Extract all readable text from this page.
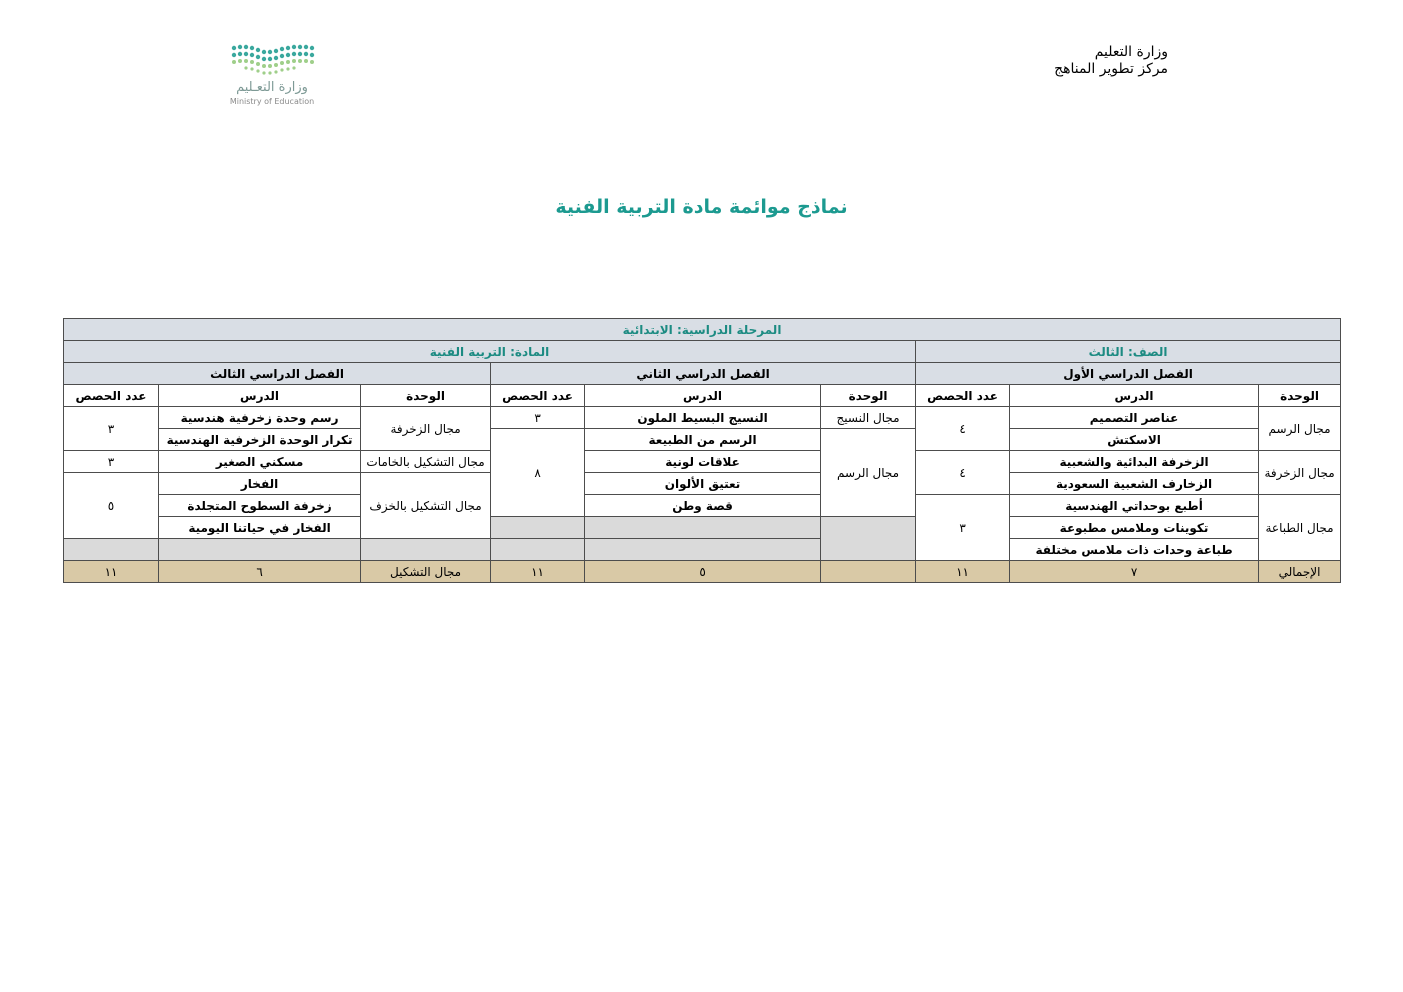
وزارة التعليم
مركز تطوير المناهج
وزارة التعـليم
Ministry of Education
نماذج موائمة مادة التربية الفنية
المرحلة الدراسية: الابتدائية								
الصف: الثالث			المادة: التربية الفنية					
الفصل الدراسي الأول			الفصل الدراسي الثاني			الفصل الدراسي الثالث		
الوحدة	الدرس	عدد الحصص	الوحدة	الدرس	عدد الحصص	الوحدة	الدرس	عدد الحصص
مجال الرسم	عناصر التصميم	٤	مجال النسيج	النسيج البسيط الملون	٣	مجال الزخرفة	رسم وحدة زخرفية هندسية	٣
	الاسكتش		مجال الرسم	الرسم من الطبيعة	٨		تكرار الوحدة الزخرفية الهندسية	
مجال الزخرفة	الزخرفة البدائية والشعبية	٤		علاقات لونية		مجال التشكيل بالخامات	مسكني الصغير	٣
	الزخارف الشعبية السعودية			تعتيق الألوان		مجال التشكيل بالخزف	الفخار	٥
مجال الطباعة	أطبع بوحداتي الهندسية	٣		قصة وطن			زخرفة السطوح المتجلدة	
	تكوينات وملامس مطبوعة						الفخار في حياتنا اليومية	
	طباعة وحدات ذات ملامس مختلفة							
الإجمالي	٧	١١		٥	١١	مجال التشكيل	٦	١١
